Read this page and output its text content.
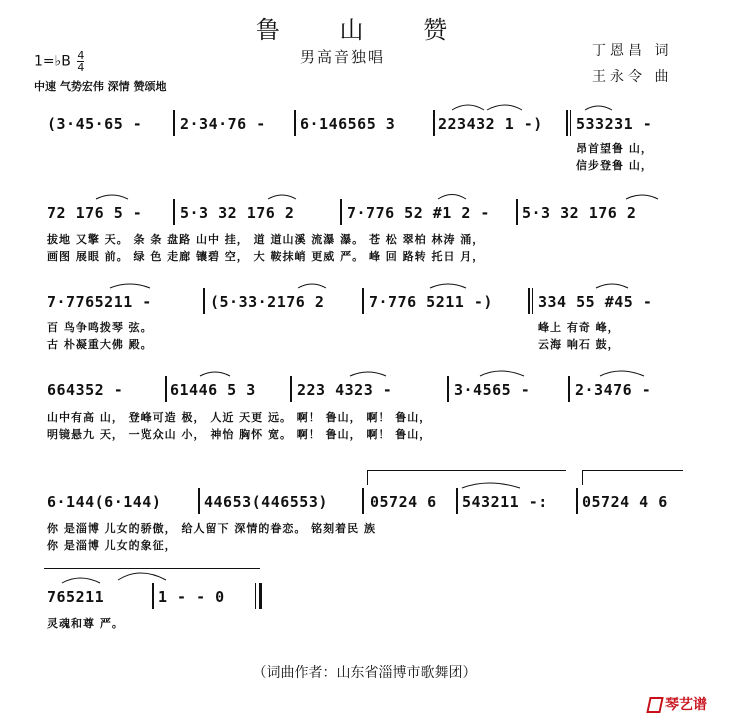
鲁 山 赞
1=♭B $\frac{4}{4}$
中速 气势宏伟 深情 赞颂地
男高音独唱	丁恩昌 词
王永令 曲
(3·45·65 -	2·34·76 - 6·146565 3	223432 1 -) 533231 -
昂首望鲁 山，
信步登鲁 山，
72 176 5 -	5·3 32 176 2	7·776 52 #1 2 - 5·3 32 176 2
拔地 又擎 天。 条 条 盘路 山中 挂， 道 道山溪 流瀑 瀑。 苍 松 翠柏 林涛 涌，
画图 展眼 前。 绿 色 走廊 镶碧 空， 大 鞍抹峭 更威 严。 峰 回 路转 托日 月，
7·7765211 -	(5·33·2176 2	7·776 5211 -)	334 55 #45 -
百 鸟争鸣拨琴 弦。
古 朴凝重大佛 殿。
峰上 有奇 峰，
云海 响石 鼓，
664352 -	61446 5 3	223 4323 -	3·4565 -	2·3476 -
山中有高 山， 登峰可造 极， 人近 天更 远。 啊！ 鲁山， 啊！ 鲁山，
明镜悬九 天， 一览众山 小， 神怡 胸怀 宽。 啊！ 鲁山， 啊！ 鲁山，
6·144(6·144)	44653(446553)	05724 6 543211 -: 05724 4 6
你 是淄博 儿女的骄傲， 给人留下 深情的眷恋。 铭刻着民 族
你 是淄博 儿女的象征，
765211	1 - - 0
灵魂和尊 严。
（词曲作者：山东省淄博市歌舞团）
琴艺谱
